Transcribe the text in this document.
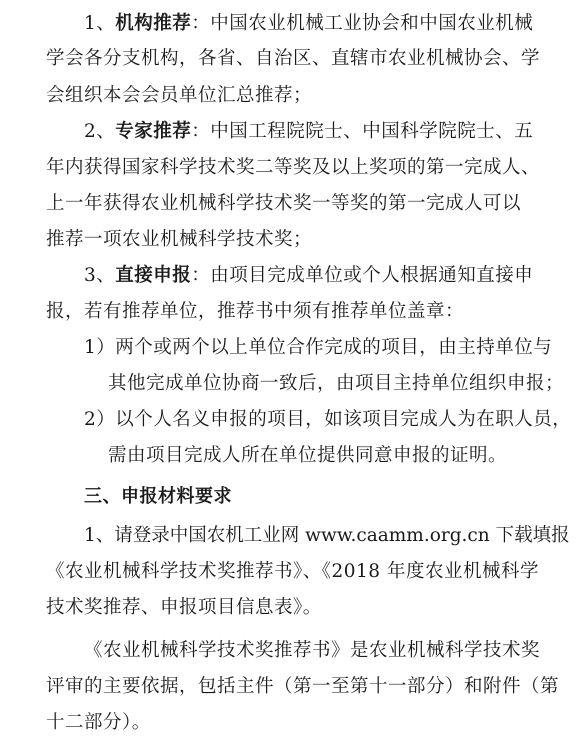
1、机构推荐：中国农业机械工业协会和中国农业机械

学会各分支机构，各省、自治区、直辖市农业机械协会、学

会组织本会会员单位汇总推荐；

2、专家推荐：中国工程院院士、中国科学院院士、五

年内获得国家科学技术奖二等奖及以上奖项的第一完成人、

上一年获得农业机械科学技术奖一等奖的第一完成人可以

推荐一项农业机械科学技术奖；

3、直接申报：由项目完成单位或个人根据通知直接申

报，若有推荐单位，推荐书中须有推荐单位盖章：

1）两个或两个以上单位合作完成的项目，由主持单位与

其他完成单位协商一致后，由项目主持单位组织申报；

2）以个人名义申报的项目，如该项目完成人为在职人员，

需由项目完成人所在单位提供同意申报的证明。

三、申报材料要求

1、请登录中国农机工业网 www.caamm.org.cn 下载填报

《农业机械科学技术奖推荐书》、《2018 年度农业机械科学

技术奖推荐、申报项目信息表》。

《农业机械科学技术奖推荐书》是农业机械科学技术奖

评审的主要依据，包括主件（第一至第十一部分）和附件（第

十二部分）。
